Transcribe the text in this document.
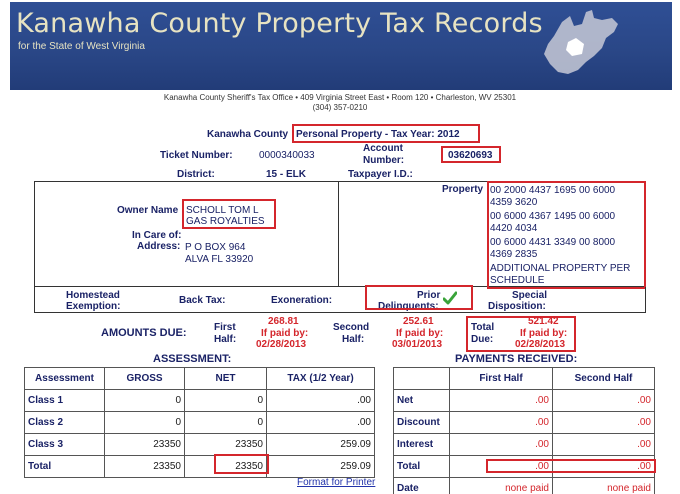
Kanawha County Property Tax Records
for the State of West Virginia
Kanawha County Sheriff's Tax Office • 409 Virginia Street East • Room 120 • Charleston, WV 25301
(304) 357-0210
Kanawha County Personal Property - Tax Year: 2012
Ticket Number:	0000340033
Account
Number:	03620693
District:	15 - ELK	Taxpayer I.D.:
Owner Name SCHOLL TOM L
GAS ROYALTIES
In Care of:
Address: P O BOX 964
ALVA FL 33920
Property 00 2000 4437 1695 00 6000
4359 3620
00 6000 4367 1495 00 6000
4420 4034
00 6000 4431 3349 00 8000
4369 2835
ADDITIONAL PROPERTY PER
SCHEDULE
Homestead
Exemption:
Back Tax:	Exoneration:	Prior
Delinquents:
Special
Disposition:
AMOUNTS DUE:	First
Half:
268.81
If paid by:
02/28/2013
Second
Half:
252.61
If paid by:
03/01/2013
Total
Due:
521.42
If paid by:
02/28/2013
ASSESSMENT:	PAYMENTS RECEIVED:
Assessment	GROSS	NET	TAX (1/2 Year)
Class 1	0	0	.00
Class 2	0	0	.00
Class 3	23350	23350	259.09
Total	23350	23350	259.09
	First Half	Second Half
Net	.00	.00
Discount	.00	.00
Interest	.00	.00
Total	.00	.00
Date	none paid	none paid
Format for Printer
